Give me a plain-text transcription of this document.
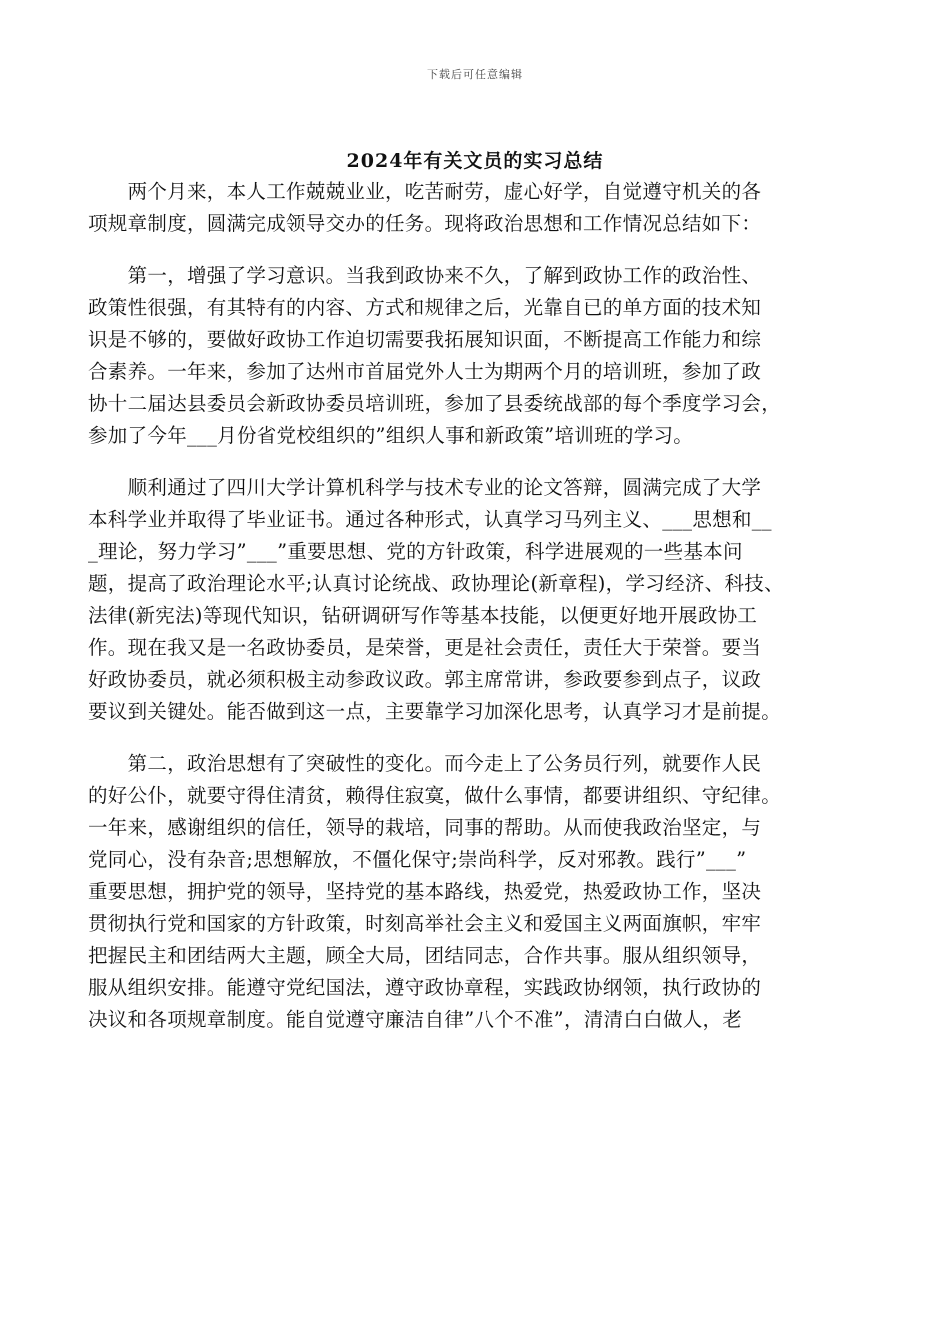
下载后可任意编辑
2024年有关文员的实习总结
　　两个月来，本人工作兢兢业业，吃苦耐劳，虚心好学，自觉遵守机关的各
项规章制度，圆满完成领导交办的任务。现将政治思想和工作情况总结如下：
　　第一，增强了学习意识。当我到政协来不久，了解到政协工作的政治性、
政策性很强，有其特有的内容、方式和规律之后，光靠自已的单方面的技术知
识是不够的，要做好政协工作迫切需要我拓展知识面，不断提高工作能力和综
合素养。一年来，参加了达州市首届党外人士为期两个月的培训班，参加了政
协十二届达县委员会新政协委员培训班，参加了县委统战部的每个季度学习会，
参加了今年___月份省党校组织的”组织人事和新政策”培训班的学习。
　　顺利通过了四川大学计算机科学与技术专业的论文答辩，圆满完成了大学
本科学业并取得了毕业证书。通过各种形式，认真学习马列主义、___思想和__
_理论，努力学习”___”重要思想、党的方针政策，科学进展观的一些基本问
题，提高了政治理论水平;认真讨论统战、政协理论(新章程)，学习经济、科技、
法律(新宪法)等现代知识，钻研调研写作等基本技能，以便更好地开展政协工
作。现在我又是一名政协委员，是荣誉，更是社会责任，责任大于荣誉。要当
好政协委员，就必须积极主动参政议政。郭主席常讲，参政要参到点子，议政
要议到关键处。能否做到这一点，主要靠学习加深化思考，认真学习才是前提。
　　第二，政治思想有了突破性的变化。而今走上了公务员行列，就要作人民
的好公仆，就要守得住清贫，赖得住寂寞，做什么事情，都要讲组织、守纪律。
一年来，感谢组织的信任，领导的栽培，同事的帮助。从而使我政治坚定，与
党同心，没有杂音;思想解放，不僵化保守;崇尚科学，反对邪教。践行”___”
重要思想，拥护党的领导，坚持党的基本路线，热爱党，热爱政协工作，坚决
贯彻执行党和国家的方针政策，时刻高举社会主义和爱国主义两面旗帜，牢牢
把握民主和团结两大主题，顾全大局，团结同志，合作共事。服从组织领导，
服从组织安排。能遵守党纪国法，遵守政协章程，实践政协纲领，执行政协的
决议和各项规章制度。能自觉遵守廉洁自律”八个不准”，清清白白做人，老
